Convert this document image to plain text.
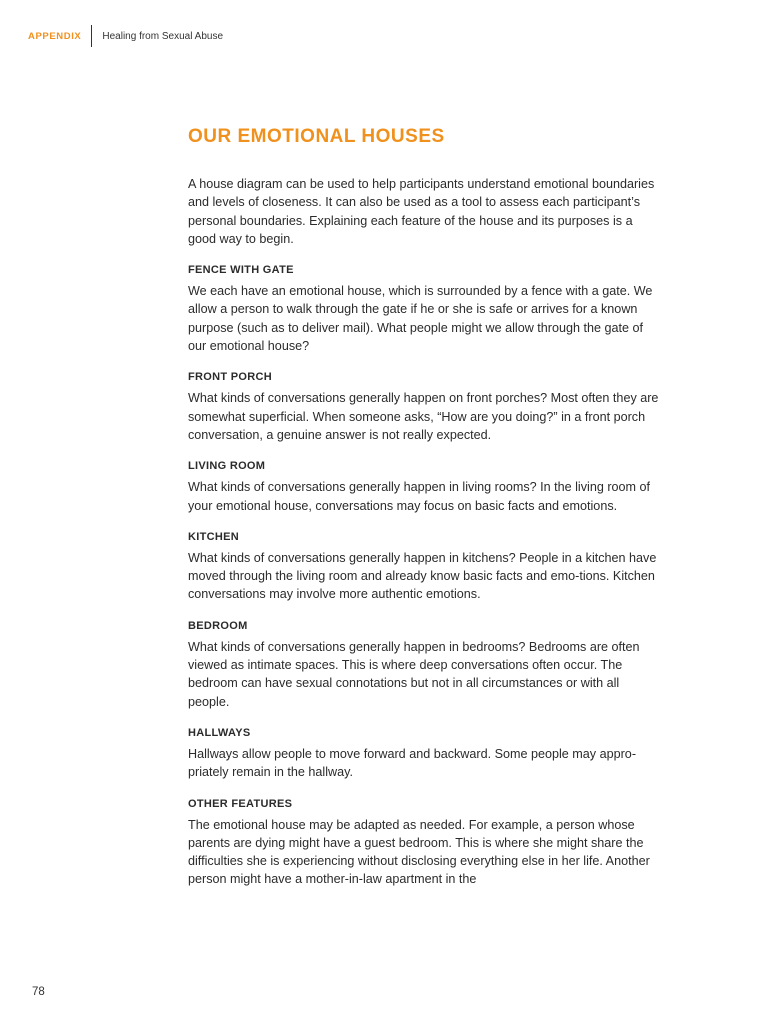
APPENDIX Healing from Sexual Abuse
OUR EMOTIONAL HOUSES

A house diagram can be used to help participants understand emotional boundaries and levels of closeness. It can also be used as a tool to assess each participant’s personal boundaries. Explaining each feature of the house and its purposes is a good way to begin.

FENCE WITH GATE

We each have an emotional house, which is surrounded by a fence with a gate. We allow a person to walk through the gate if he or she is safe or arrives for a known purpose (such as to deliver mail). What people might we allow through the gate of our emotional house?

FRONT PORCH

What kinds of conversations generally happen on front porches? Most often they are somewhat superficial. When someone asks, “How are you doing?” in a front porch conversation, a genuine answer is not really expected.

LIVING ROOM

What kinds of conversations generally happen in living rooms? In the living room of your emotional house, conversations may focus on basic facts and emotions.

KITCHEN

What kinds of conversations generally happen in kitchens? People in a kitchen have moved through the living room and already know basic facts and emo-tions. Kitchen conversations may involve more authentic emotions.

BEDROOM

What kinds of conversations generally happen in bedrooms? Bedrooms are often viewed as intimate spaces. This is where deep conversations often occur. The bedroom can have sexual connotations but not in all circumstances or with all people.

HALLWAYS

Hallways allow people to move forward and backward. Some people may appro-priately remain in the hallway.

OTHER FEATURES

The emotional house may be adapted as needed. For example, a person whose parents are dying might have a guest bedroom. This is where she might share the difficulties she is experiencing without disclosing everything else in her life. Another person might have a mother-in-law apartment in the

78
